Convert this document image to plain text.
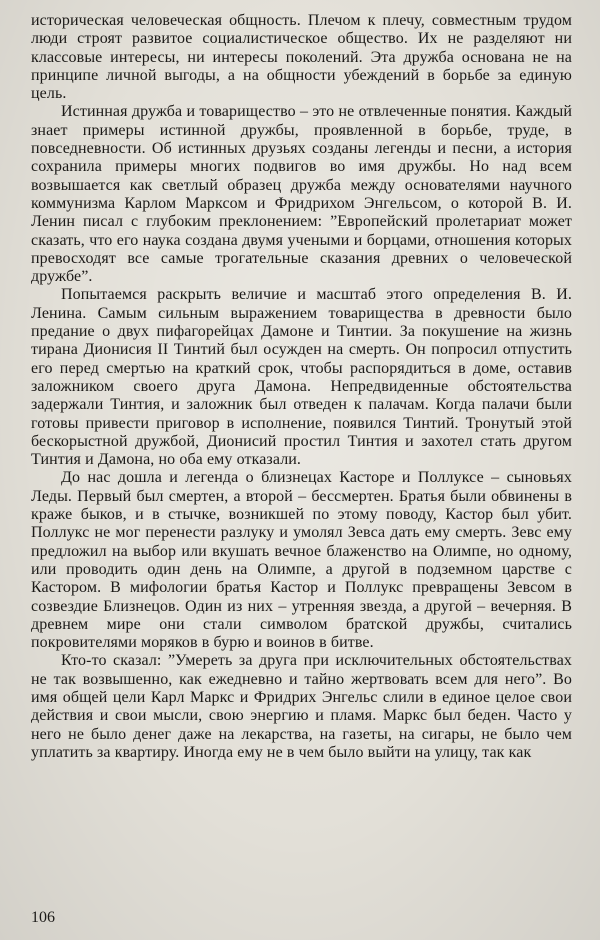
историческая человеческая общность. Плечом к плечу, совместным трудом люди строят развитое социалистическое общество. Их не разделяют ни классовые интересы, ни интересы поколений. Эта дружба основана не на принципе личной выгоды, а на общности убеждений в борьбе за единую цель.

Истинная дружба и товарищество – это не отвлеченные понятия. Каждый знает примеры истинной дружбы, проявленной в борьбе, труде, в повседневности. Об истинных друзьях созданы легенды и песни, а история сохранила примеры многих подвигов во имя дружбы. Но над всем возвышается как светлый образец дружба между основателями научного коммунизма Карлом Марксом и Фридрихом Энгельсом, о которой В. И. Ленин писал с глубоким преклонением: ”Европейский пролетариат может сказать, что его наука создана двумя учеными и борцами, отношения которых превосходят все самые трогательные сказания древних о человеческой дружбе”.

Попытаемся раскрыть величие и масштаб этого определения В. И. Ленина. Самым сильным выражением товарищества в древности было предание о двух пифагорейцах Дамоне и Тинтии. За покушение на жизнь тирана Дионисия II Тинтий был осужден на смерть. Он попросил отпустить его перед смертью на краткий срок, чтобы распорядиться в доме, оставив заложником своего друга Дамона. Непредвиденные обстоятельства задержали Тинтия, и заложник был отведен к палачам. Когда палачи были готовы привести приговор в исполнение, появился Тинтий. Тронутый этой бескорыстной дружбой, Дионисий простил Тинтия и захотел стать другом Тинтия и Дамона, но оба ему отказали.

До нас дошла и легенда о близнецах Касторе и Поллуксе – сыновьях Леды. Первый был смертен, а второй – бессмертен. Братья были обвинены в краже быков, и в стычке, возникшей по этому поводу, Кастор был убит. Поллукс не мог перенести разлуку и умолял Зевса дать ему смерть. Зевс ему предложил на выбор или вкушать вечное блаженство на Олимпе, но одному, или проводить один день на Олимпе, а другой в подземном царстве с Кастором. В мифологии братья Кастор и Поллукс превращены Зевсом в созвездие Близнецов. Один из них – утренняя звезда, а другой – вечерняя. В древнем мире они стали символом братской дружбы, считались покровителями моряков в бурю и воинов в битве.

Кто-то сказал: ”Умереть за друга при исключительных обстоятельствах не так возвышенно, как ежедневно и тайно жертвовать всем для него”. Во имя общей цели Карл Маркс и Фридрих Энгельс слили в единое целое свои действия и свои мысли, свою энергию и пламя. Маркс был беден. Часто у него не было денег даже на лекарства, на газеты, на сигары, не было чем уплатить за квартиру. Иногда ему не в чем было выйти на улицу, так как

106
